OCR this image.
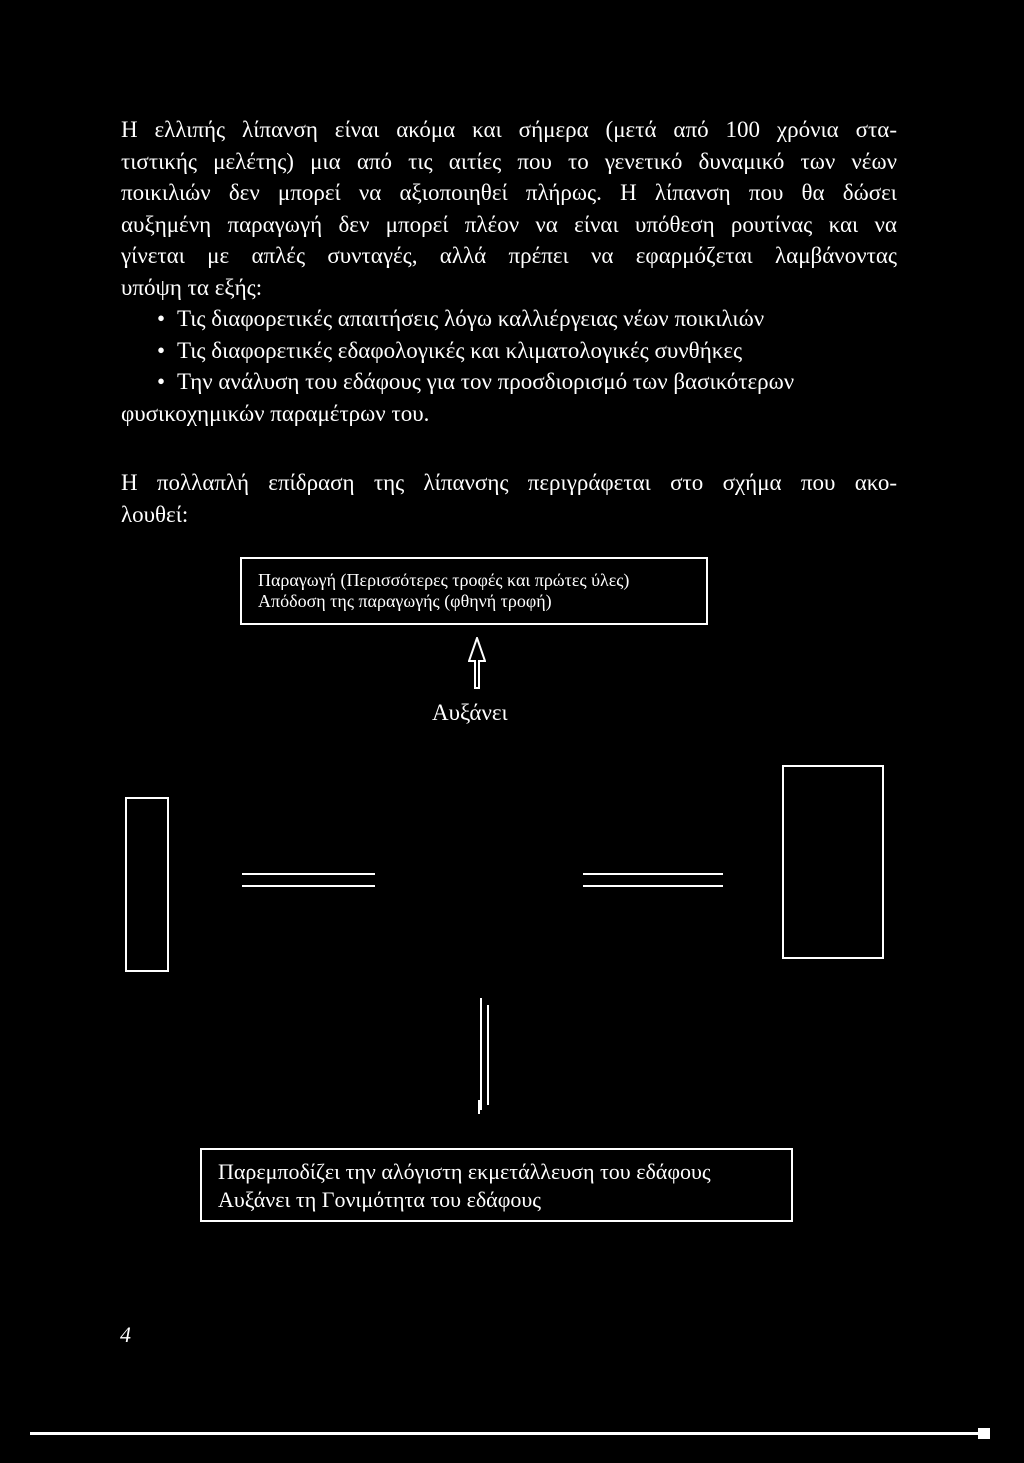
Η ελλιπής λίπανση είναι ακόμα και σήμερα (μετά από 100 χρόνια στα-
τιστικής μελέτης) μια από τις αιτίες που το γενετικό δυναμικό των νέων
ποικιλιών δεν μπορεί να αξιοποιηθεί πλήρως. Η λίπανση που θα δώσει
αυξημένη παραγωγή δεν μπορεί πλέον να είναι υπόθεση ρουτίνας και να
γίνεται με απλές συνταγές, αλλά πρέπει να εφαρμόζεται λαμβάνοντας
υπόψη τα εξής:
• Τις διαφορετικές απαιτήσεις λόγω καλλιέργειας νέων ποικιλιών
• Τις διαφορετικές εδαφολογικές και κλιματολογικές συνθήκες
• Την ανάλυση του εδάφους για τον προσδιορισμό των βασικότερων
φυσικοχημικών παραμέτρων του.
Η πολλαπλή επίδραση της λίπανσης περιγράφεται στο σχήμα που ακο-
λουθεί:
Παραγωγή (Περισσότερες τροφές και πρώτες ύλες)
Απόδοση της παραγωγής (φθηνή τροφή)
Αυξάνει
Παρεμποδίζει την αλόγιστη εκμετάλλευση του εδάφους
Αυξάνει τη Γονιμότητα του εδάφους
4
